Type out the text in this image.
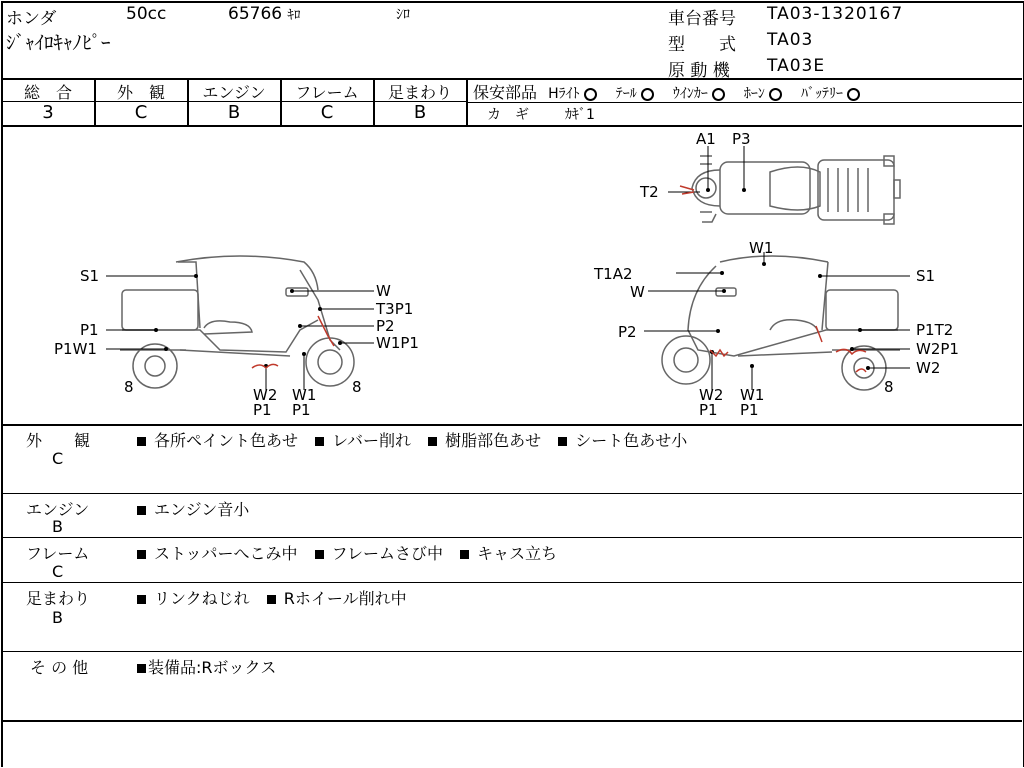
ホンダ	50cc	65766 ｷﾛ	ｼﾛ
ｼﾞｬｲﾛｷｬﾉﾋﾟｰ
車台番号 TA03-1320167
型　　式 TA03
原 動 機 TA03E
総　合	外　観	エンジン	フレーム	足まわり
3	C	B	C	B
保安部品 Hﾗｲﾄ	ﾃｰﾙ	ｳｲﾝｶｰ	ﾎｰﾝ	ﾊﾞｯﾃﾘｰ
カ　ギ	ｶｷﾞ1
A1 P3
T2
S1
P1
P1W1
W
T3P1
P2
W1P1
8	8
W2
P1
W1
P1
W1
T1A2
W
P2
S1
P1T2
W2P1
W2
8
W2
P1
W1
P1
外　　観
C
各所ペイント色あせ レバー削れ 樹脂部色あせ シート色あせ小
エンジン
B
エンジン音小
フレーム
C
ストッパーへこみ中 フレームさび中 キャス立ち
足まわり
B
リンクねじれ Rホイール削れ中
そ の 他	装備品:Rボックス
